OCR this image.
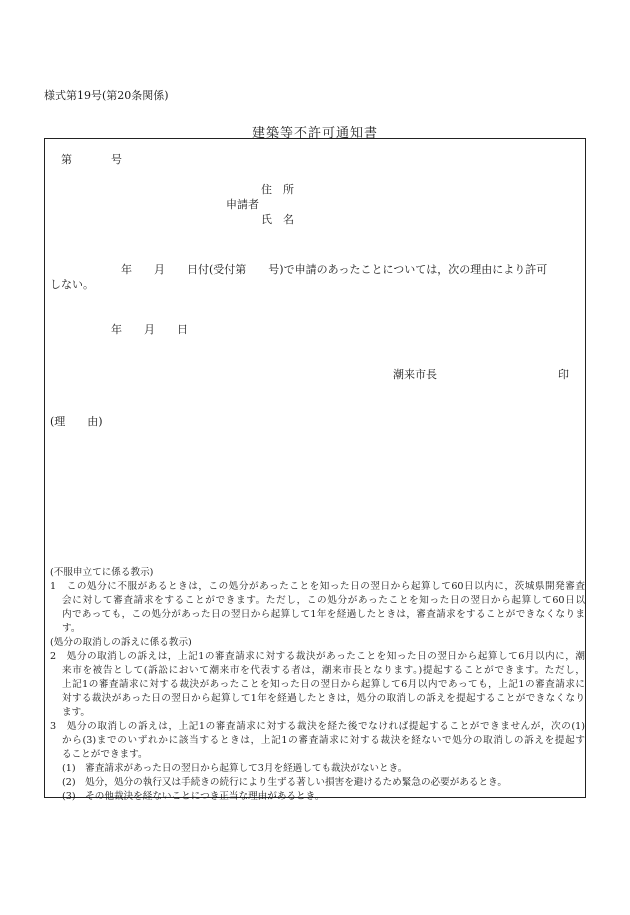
様式第19号(第20条関係)
建築等不許可通知書
第	号
住　所
申請者
氏　名
年　　月　　日付(受付第　　号)で申請のあったことについては，次の理由により許可
しない。
年　　月　　日
潮来市長	印
(理　　由)
(不服申立てに係る教示)
1　この処分に不服があるときは，この処分があったことを知った日の翌日から起算して60日以内に，茨城県開発審査
会に対して審査請求をすることができます。ただし，この処分があったことを知った日の翌日から起算して60日以
内であっても，この処分があった日の翌日から起算して1年を経過したときは，審査請求をすることができなくなりま
す。
(処分の取消しの訴えに係る教示)
2　処分の取消しの訴えは，上記1の審査請求に対する裁決があったことを知った日の翌日から起算して6月以内に，潮
来市を被告として(訴訟において潮来市を代表する者は，潮来市長となります。)提起することができます。ただし，
上記1の審査請求に対する裁決があったことを知った日の翌日から起算して6月以内であっても，上記1の審査請求に
対する裁決があった日の翌日から起算して1年を経過したときは，処分の取消しの訴えを提起することができなくなり
ます。
3　処分の取消しの訴えは，上記1の審査請求に対する裁決を経た後でなければ提起することができませんが，次の(1)
から(3)までのいずれかに該当するときは，上記1の審査請求に対する裁決を経ないで処分の取消しの訴えを提起す
ることができます。
(1)　審査請求があった日の翌日から起算して3月を経過しても裁決がないとき。
(2)　処分，処分の執行又は手続きの続行により生ずる著しい損害を避けるため緊急の必要があるとき。
(3)　その他裁決を経ないことにつき正当な理由があるとき。
